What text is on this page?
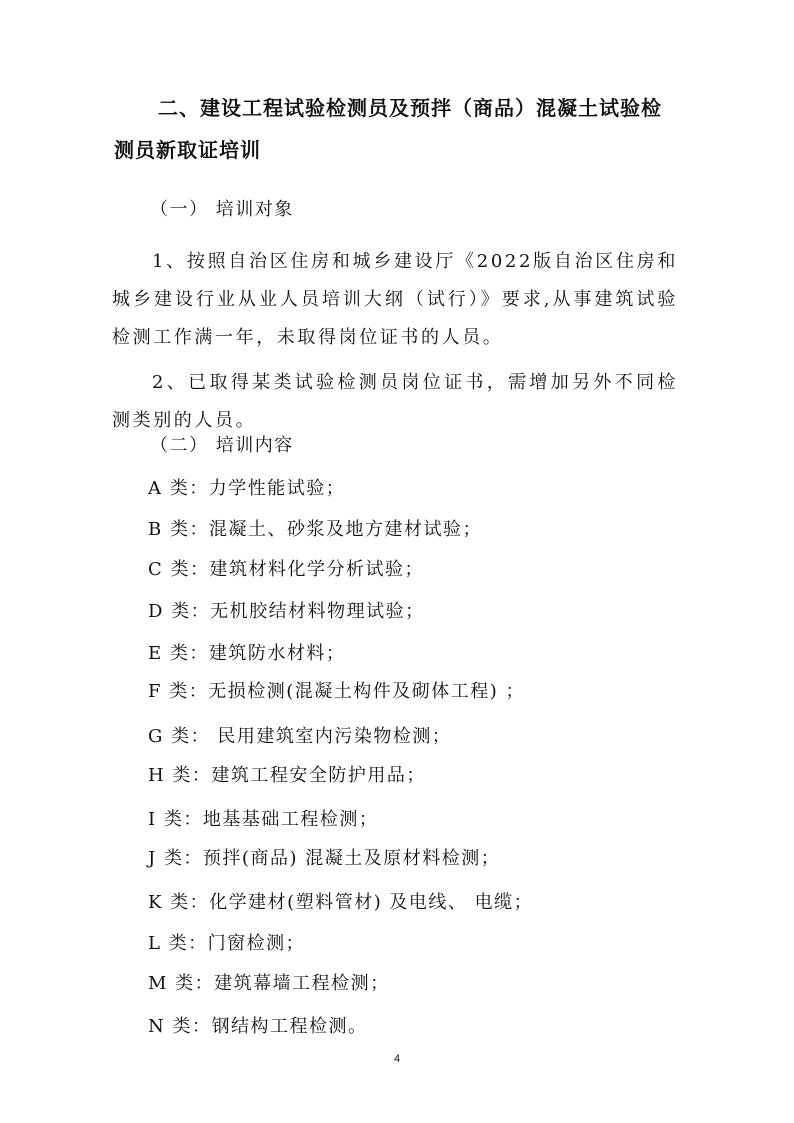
二、建设工程试验检测员及预拌（商品）混凝土试验检
测员新取证培训
（一） 培训对象
1、按照自治区住房和城乡建设厅《2022版自治区住房和城乡建设行业从业人员培训大纲（试行）》要求,从事建筑试验检测工作满一年，未取得岗位证书的人员。
2、已取得某类试验检测员岗位证书，需增加另外不同检测类别的人员。
（二） 培训内容
A 类：力学性能试验；
B 类：混凝土、砂浆及地方建材试验；
C 类：建筑材料化学分析试验；
D 类：无机胶结材料物理试验；
E 类：建筑防水材料；
F 类：无损检测(混凝土构件及砌体工程) ；
G 类： 民用建筑室内污染物检测；
H 类：建筑工程安全防护用品；
I 类：地基基础工程检测；
J 类：预拌(商品) 混凝土及原材料检测；
K 类：化学建材(塑料管材) 及电线、 电缆；
L 类：门窗检测；
M 类：建筑幕墙工程检测；
N 类：钢结构工程检测。
4
